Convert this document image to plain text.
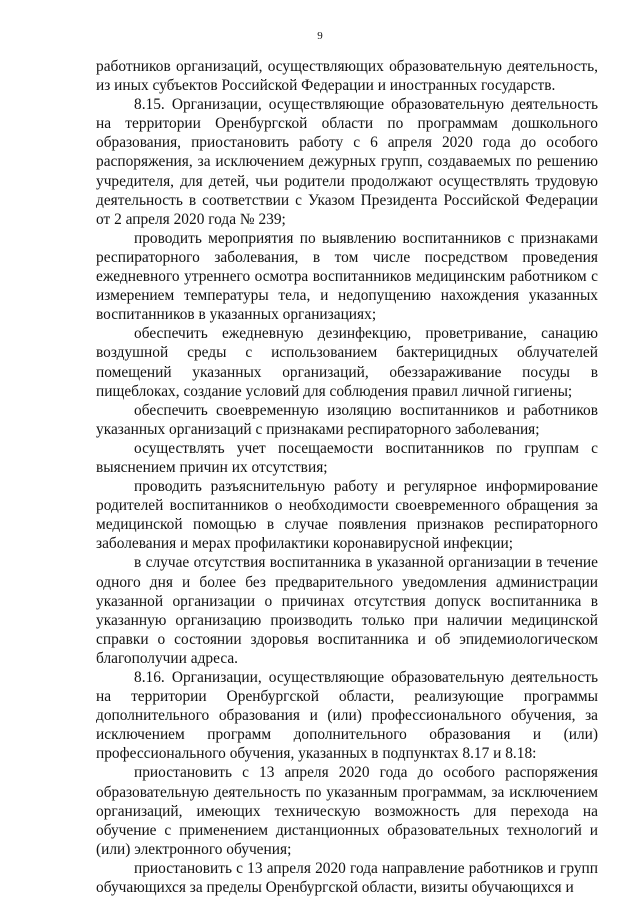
9

работников организаций, осуществляющих образовательную деятельность, из иных субъектов Российской Федерации и иностранных государств.

8.15. Организации, осуществляющие образовательную деятельность на территории Оренбургской области по программам дошкольного образования, приостановить работу с 6 апреля 2020 года до особого распоряжения, за исключением дежурных групп, создаваемых по решению учредителя, для детей, чьи родители продолжают осуществлять трудовую деятельность в соответствии с Указом Президента Российской Федерации от 2 апреля 2020 года № 239;

проводить мероприятия по выявлению воспитанников с признаками респираторного заболевания, в том числе посредством проведения ежедневного утреннего осмотра воспитанников медицинским работником с измерением температуры тела, и недопущению нахождения указанных воспитанников в указанных организациях;

обеспечить ежедневную дезинфекцию, проветривание, санацию воздушной среды с использованием бактерицидных облучателей помещений указанных организаций, обеззараживание посуды в пищеблоках, создание условий для соблюдения правил личной гигиены;

обеспечить своевременную изоляцию воспитанников и работников указанных организаций с признаками респираторного заболевания;

осуществлять учет посещаемости воспитанников по группам с выяснением причин их отсутствия;

проводить разъяснительную работу и регулярное информирование родителей воспитанников о необходимости своевременного обращения за медицинской помощью в случае появления признаков респираторного заболевания и мерах профилактики коронавирусной инфекции;

в случае отсутствия воспитанника в указанной организации в течение одного дня и более без предварительного уведомления администрации указанной организации о причинах отсутствия допуск воспитанника в указанную организацию производить только при наличии медицинской справки о состоянии здоровья воспитанника и об эпидемиологическом благополучии адреса.

8.16. Организации, осуществляющие образовательную деятельность на территории Оренбургской области, реализующие программы дополнительного образования и (или) профессионального обучения, за исключением программ дополнительного образования и (или) профессионального обучения, указанных в подпунктах 8.17 и 8.18:

приостановить с 13 апреля 2020 года до особого распоряжения образовательную деятельность по указанным программам, за исключением организаций, имеющих техническую возможность для перехода на обучение с применением дистанционных образовательных технологий и (или) электронного обучения;

приостановить с 13 апреля 2020 года направление работников и групп обучающихся за пределы Оренбургской области, визиты обучающихся и
